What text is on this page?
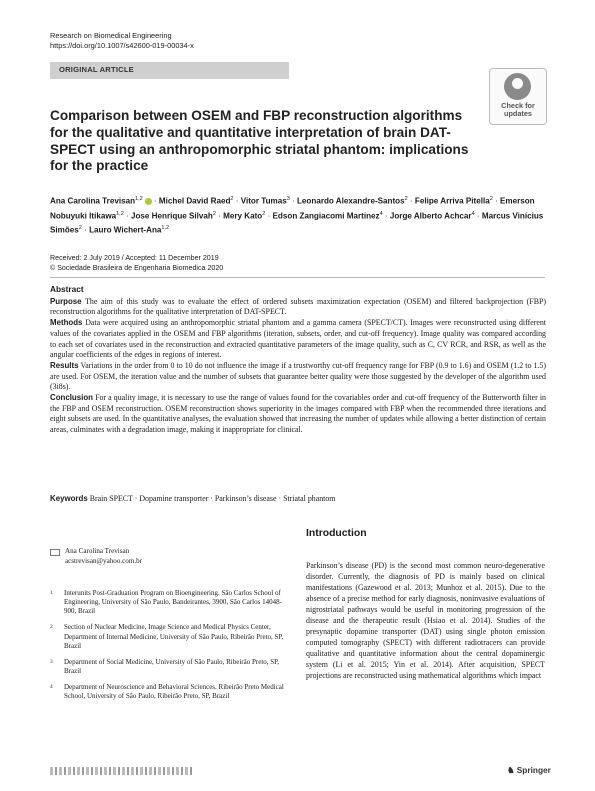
Research on Biomedical Engineering
https://doi.org/10.1007/s42600-019-00034-x
ORIGINAL ARTICLE
Check for
updates
Comparison between OSEM and FBP reconstruction algorithms for the qualitative and quantitative interpretation of brain DAT-SPECT using an anthropomorphic striatal phantom: implications for the practice
Ana Carolina Trevisan$^{1,2}$ · Michel David Raed$^2$ · Vitor Tumas$^3$ · Leonardo Alexandre-Santos$^2$ · Felipe Arriva Pitella$^2$ · Emerson Nobuyuki Itikawa$^{1,2}$ · Jose Henrique Silvah$^2$ · Mery Kato$^2$ · Edson Zangiacomi Martinez$^4$ · Jorge Alberto Achcar$^4$ · Marcus Vinícius Simões$^2$ · Lauro Wichert-Ana$^{1,2}$
Received: 2 July 2019 / Accepted: 11 December 2019
© Sociedade Brasileira de Engenharia Biomedica 2020
Abstract

Purpose The aim of this study was to evaluate the effect of ordered subsets maximization expectation (OSEM) and filtered backprojection (FBP) reconstruction algorithms for the qualitative interpretation of DAT-SPECT.

Methods Data were acquired using an anthropomorphic striatal phantom and a gamma camera (SPECT/CT). Images were reconstructed using different values of the covariates applied in the OSEM and FBP algorithms (iteration, subsets, order, and cut-off frequency). Image quality was compared according to each set of covariates used in the reconstruction and extracted quantitative parameters of the image quality, such as C, CV RCR, and RSR, as well as the angular coefficients of the edges in regions of interest.

Results Variations in the order from 0 to 10 do not influence the image if a trustworthy cut-off frequency range for FBP (0.9 to 1.6) and OSEM (1.2 to 1.5) are used. For OSEM, the iteration value and the number of subsets that guarantee better quality were those suggested by the developer of the algorithm used (3i8s).

Conclusion For a quality image, it is necessary to use the range of values found for the covariables order and cut-off frequency of the Butterworth filter in the FBP and OSEM reconstruction. OSEM reconstruction shows superiority in the images compared with FBP when the recommended three iterations and eight subsets are used. In the quantitative analyses, the evaluation showed that increasing the number of updates while allowing a better distinction of certain areas, culminates with a degradation image, making it inappropriate for clinical.

Keywords Brain SPECT · Dopamine transporter · Parkinson’s disease · Striatal phantom
Ana Carolina Trevisan
acstrevisan@yahoo.com.br
1 Interunits Post-Graduation Program on Bioengineering. São Carlos School of Engineering, University of São Paulo, Bandeirantes, 3900, São Carlos 14048-900, Brazil
2 Section of Nuclear Medicine, Image Science and Medical Physics Center, Department of Internal Medicine, University of São Paulo, Ribeirão Preto, SP, Brazil
3 Department of Social Medicine, University of São Paulo, Ribeirão Preto, SP, Brazil
4 Department of Neuroscience and Behavioral Sciences. Ribeirão Preto Medical School, University of São Paulo, Ribeirão Preto, SP, Brazil
Introduction

Parkinson’s disease (PD) is the second most common neuro-degenerative disorder. Currently, the diagnosis of PD is mainly based on clinical manifestations (Gazewood et al. 2013; Munhoz et al. 2015). Due to the absence of a precise method for early diagnosis, noninvasive evaluations of nigrostriatal pathways would be useful in monitoring progression of the disease and the therapeutic result (Hsiao et al. 2014). Studies of the presynaptic dopamine transporter (DAT) using single photon emission computed tomography (SPECT) with different radiotracers can provide qualitative and quantitative information about the central dopaminergic system (Li et al. 2015; Yin et al. 2014). After acquisition, SPECT projections are reconstructed using mathematical algorithms which impact

♞ Springer
